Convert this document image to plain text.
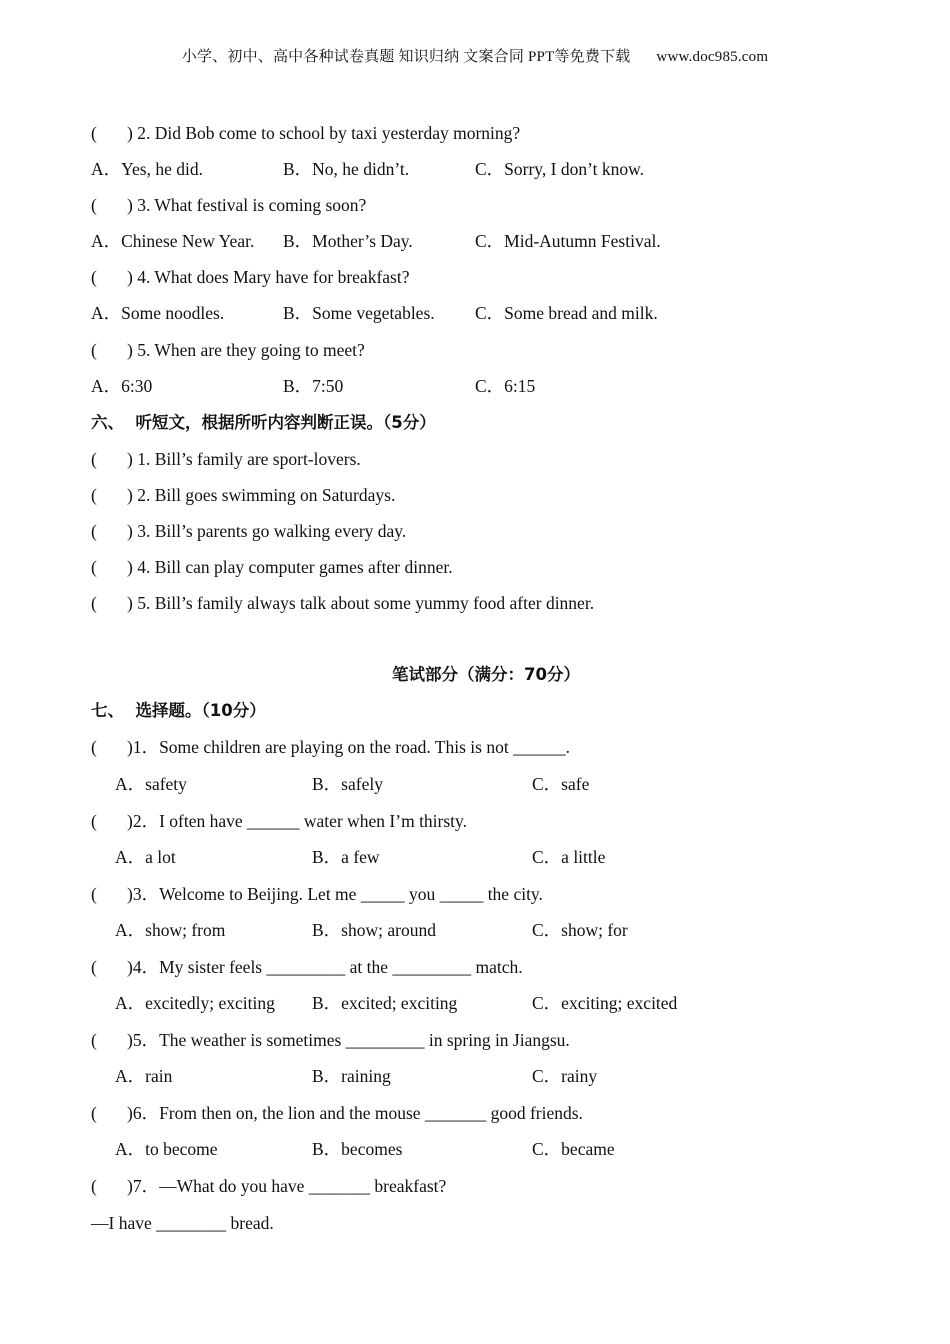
小学、初中、高中各种试卷真题 知识归纳 文案合同 PPT等免费下载 www.doc985.com
( ) 2. Did Bob come to school by taxi yesterday morning?
A．Yes, he did.	B．No, he didn’t.	C．Sorry, I don’t know.
( ) 3. What festival is coming soon?
A．Chinese New Year. B．Mother’s Day.	C．Mid-Autumn Festival.
( ) 4. What does Mary have for breakfast?
A．Some noodles.	B．Some vegetables. C．Some bread and milk.
( ) 5. When are they going to meet?
A．6:30	B．7:50	C．6:15
六、  听短文，根据所听内容判断正误。（5分）
( ) 1. Bill’s family are sport-lovers.
( ) 2. Bill goes swimming on Saturdays.
( ) 3. Bill’s parents go walking every day.
( ) 4. Bill can play computer games after dinner.
( ) 5. Bill’s family always talk about some yummy food after dinner.
笔试部分（满分：70分）
七、  选择题。（10分）
( )1．Some children are playing on the road. This is not ______.
A．safety	B．safely	C．safe
( )2．I often have ______ water when I’m thirsty.
A．a lot	B．a few	C．a little
( )3．Welcome to Beijing. Let me _____ you _____ the city.
A．show; from	B．show; around	C．show; for
( )4．My sister feels _________ at the _________ match.
A．excitedly; exciting B．excited; exciting	C．exciting; excited
( )5．The weather is sometimes _________ in spring in Jiangsu.
A．rain	B．raining	C．rainy
( )6．From then on, the lion and the mouse _______ good friends.
A．to become	B．becomes	C．became
( )7．—What do you have _______ breakfast?
—I have ________ bread.
